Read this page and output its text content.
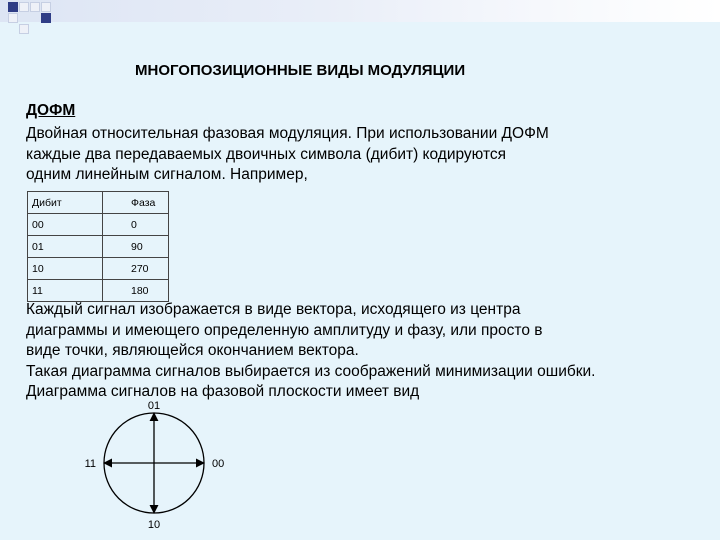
МНОГОПОЗИЦИОННЫЕ ВИДЫ МОДУЛЯЦИИ
ДОФМ
Двойная относительная фазовая модуляция. При использовании ДОФМ
каждые два передаваемых двоичных символа (дибит) кодируются
одним линейным сигналом. Например,
Дибит	Фаза
00	0
01	90
10	270
11	180
Каждый сигнал изображается в виде вектора, исходящего из центра
диаграммы и имеющего определенную амплитуду и фазу, или просто в
виде точки, являющейся окончанием вектора.
Такая диаграмма сигналов выбирается из соображений минимизации ошибки.
Диаграмма сигналов на фазовой плоскости имеет вид
00
01
10
11
